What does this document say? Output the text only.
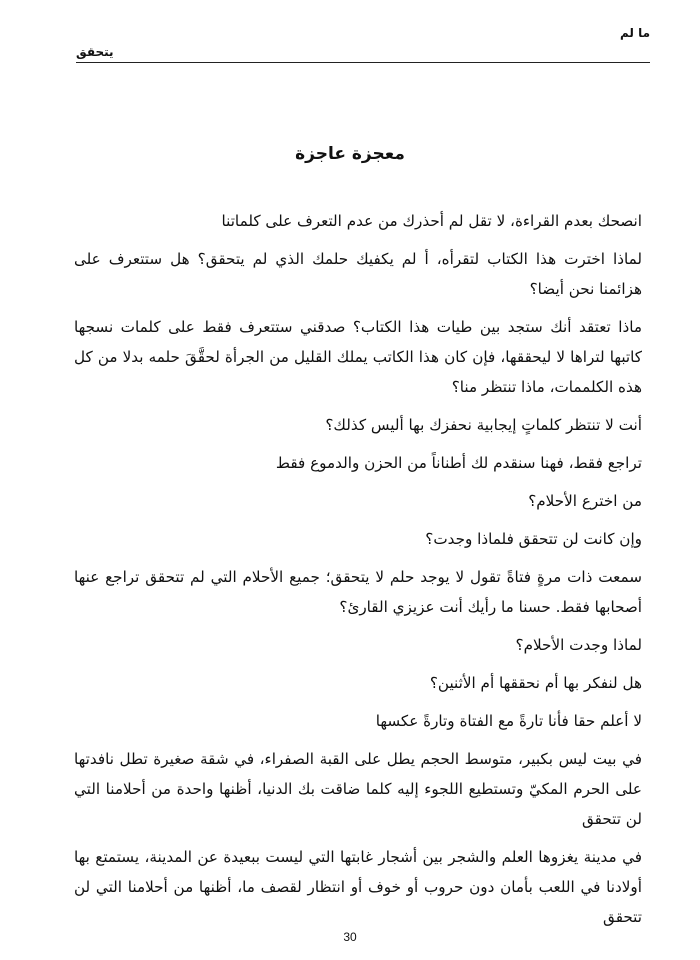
ما لم
يتحقق
معجزة عاجزة

انصحك بعدم القراءة، لا تقل لم أحذرك من عدم التعرف على كلماتنا

لماذا اخترت هذا الكتاب لتقرأه، أ لم يكفيك حلمك الذي لم يتحقق؟ هل ستتعرف على هزائمنا نحن أيضا؟

ماذا تعتقد أنك ستجد بين طيات هذا الكتاب؟ صدقني ستتعرف فقط على كلمات نسجها كاتبها لتراها لا ليحققها، فإن كان هذا الكاتب يملك القليل من الجرأة لحقَّقَ حلمه بدلا من كل هذه الكلممات، ماذا تنتظر منا؟

أنت لا تنتظر كلماتٍ إيجابية نحفزك بها أليس كذلك؟

تراجع فقط، فهنا سنقدم لك أطناناً من الحزن والدموع فقط

من اخترع الأحلام؟

وإن كانت لن تتحقق فلماذا وجدت؟

سمعت ذات مرةٍ فتاةً تقول لا يوجد حلم لا يتحقق؛ جميع الأحلام التي لم تتحقق تراجع عنها أصحابها فقط. حسنا ما رأيك أنت عزيزي القارئ؟

لماذا وجدت الأحلام؟

هل لنفكر بها أم نحققها أم الأثنين؟

لا أعلم حقا فأنا تارةً مع الفتاة وتارةً عكسها

في بيت ليس بكبير، متوسط الحجم يطل على القبة الصفراء، في شقة صغيرة تطل نافدتها على الحرم المكيّ وتستطيع اللجوء إليه كلما ضاقت بك الدنيا، أظنها واحدة من أحلامنا التي لن تتحقق

في مدينة يغزوها العلم والشجر بين أشجار غابتها التي ليست ببعيدة عن المدينة، يستمتع بها أولادنا في اللعب بأمان دون حروب أو خوف أو انتظار لقصف ما، أظنها من أحلامنا التي لن تتحقق

30
